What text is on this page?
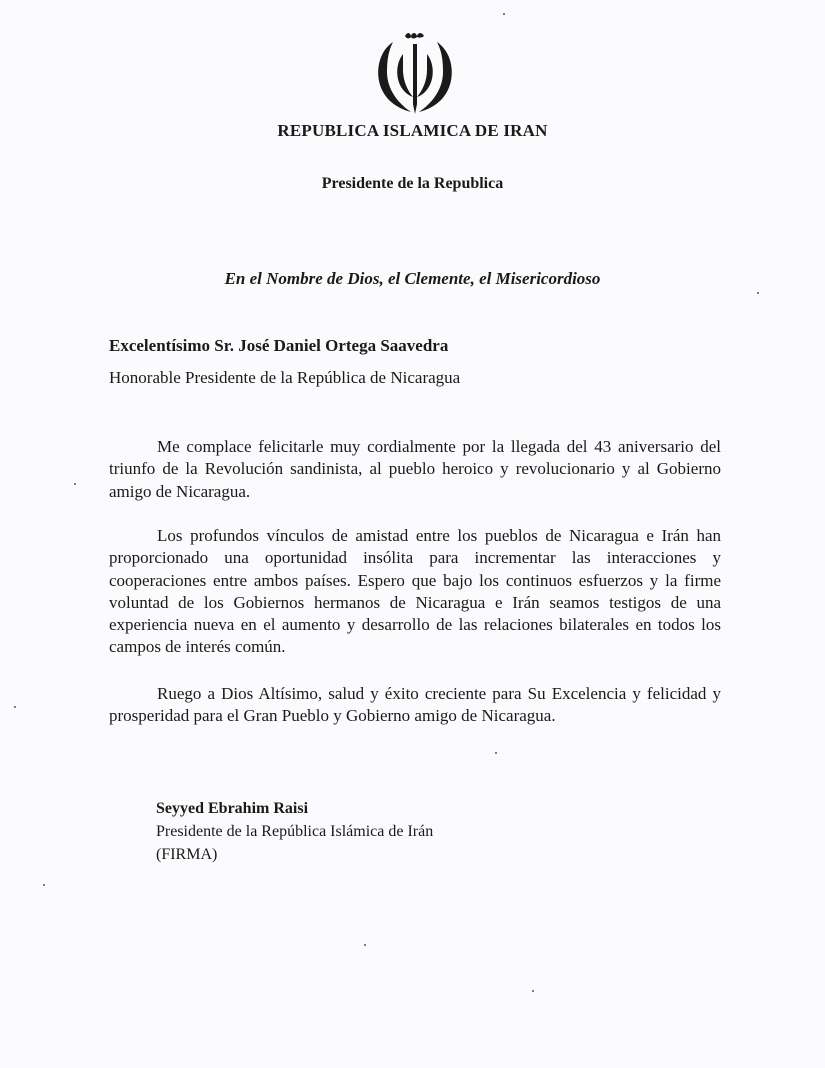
REPUBLICA ISLAMICA DE IRAN
Presidente de la Republica
En el Nombre de Dios, el Clemente, el Misericordioso
Excelentísimo Sr. José Daniel Ortega Saavedra
Honorable Presidente de la República de Nicaragua

Me complace felicitarle muy cordialmente por la llegada del 43 aniversario del triunfo de la Revolución sandinista, al pueblo heroico y revolucionario y al Gobierno amigo de Nicaragua.

Los profundos vínculos de amistad entre los pueblos de Nicaragua e Irán han proporcionado una oportunidad insólita para incrementar las interacciones y cooperaciones entre ambos países. Espero que bajo los continuos esfuerzos y la firme voluntad de los Gobiernos hermanos de Nicaragua e Irán seamos testigos de una experiencia nueva en el aumento y desarrollo de las relaciones bilaterales en todos los campos de interés común.

Ruego a Dios Altísimo, salud y éxito creciente para Su Excelencia y felicidad y prosperidad para el Gran Pueblo y Gobierno amigo de Nicaragua.

Seyyed Ebrahim Raisi
Presidente de la República Islámica de Irán
(FIRMA)
